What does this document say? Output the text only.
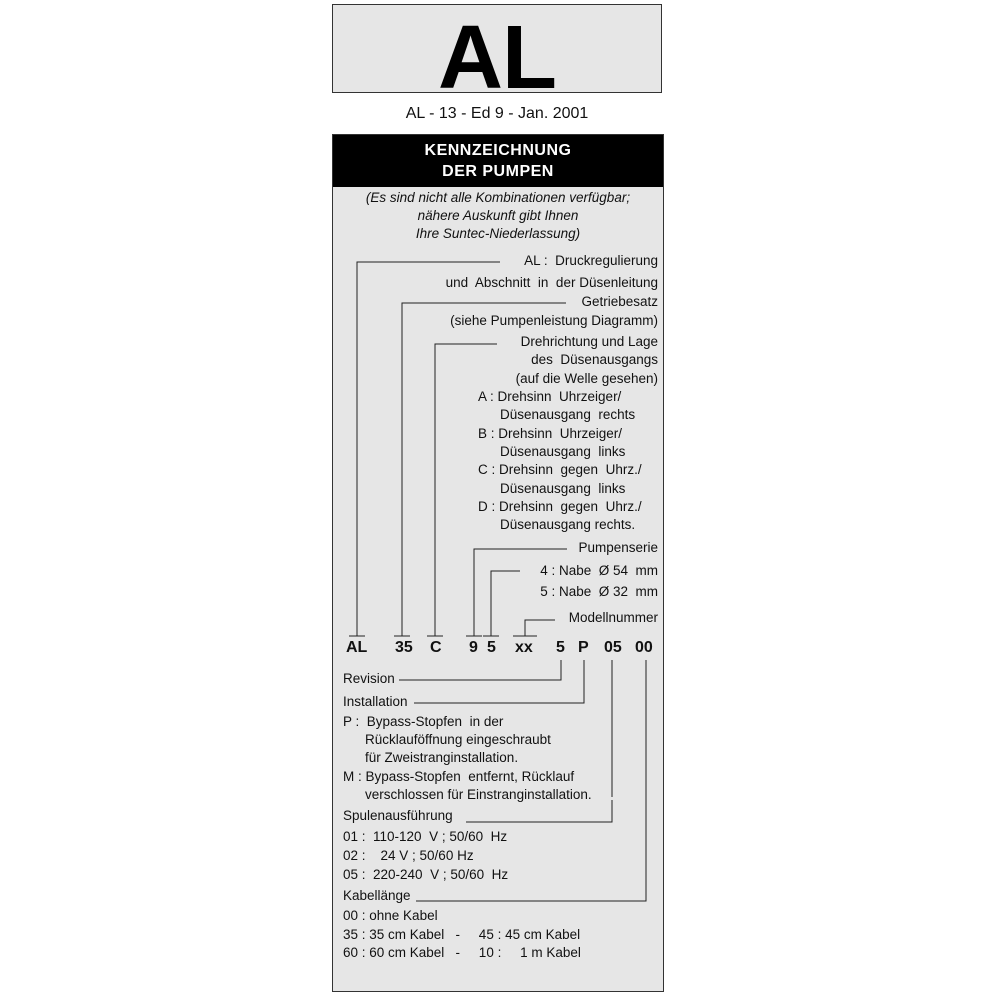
AL
AL - 13 - Ed 9 - Jan. 2001
KENNZEICHNUNG
DER PUMPEN
(Es sind nicht alle Kombinationen verfügbar;
nähere Auskunft gibt Ihnen
Ihre Suntec-Niederlassung)
AL :  Druckregulierung
und  Abschnitt  in  der Düsenleitung
Getriebesatz
(siehe Pumpenleistung Diagramm)
Drehrichtung und Lage
des  Düsenausgangs
(auf die Welle gesehen)
A : Drehsinn  Uhrzeiger/
Düsenausgang  rechts
B : Drehsinn  Uhrzeiger/
Düsenausgang  links
C : Drehsinn  gegen  Uhrz./
Düsenausgang  links
D : Drehsinn  gegen  Uhrz./
Düsenausgang rechts.
Pumpenserie
4 : Nabe  Ø 54  mm
5 : Nabe  Ø 32  mm
Modellnummer
AL 35 C 9 5 xx 5 P 05 00
Revision
Installation
P :  Bypass-Stopfen  in der
Rücklauföffnung eingeschraubt
für Zweistranginstallation.
M : Bypass-Stopfen  entfernt, Rücklauf
verschlossen für Einstranginstallation.
Spulenausführung
01 :  110-120  V ; 50/60  Hz
02 :    24 V ; 50/60 Hz
05 :  220-240  V ; 50/60  Hz
Kabellänge
00 : ohne Kabel
35 : 35 cm Kabel   -     45 : 45 cm Kabel
60 : 60 cm Kabel   -     10 :     1 m Kabel
